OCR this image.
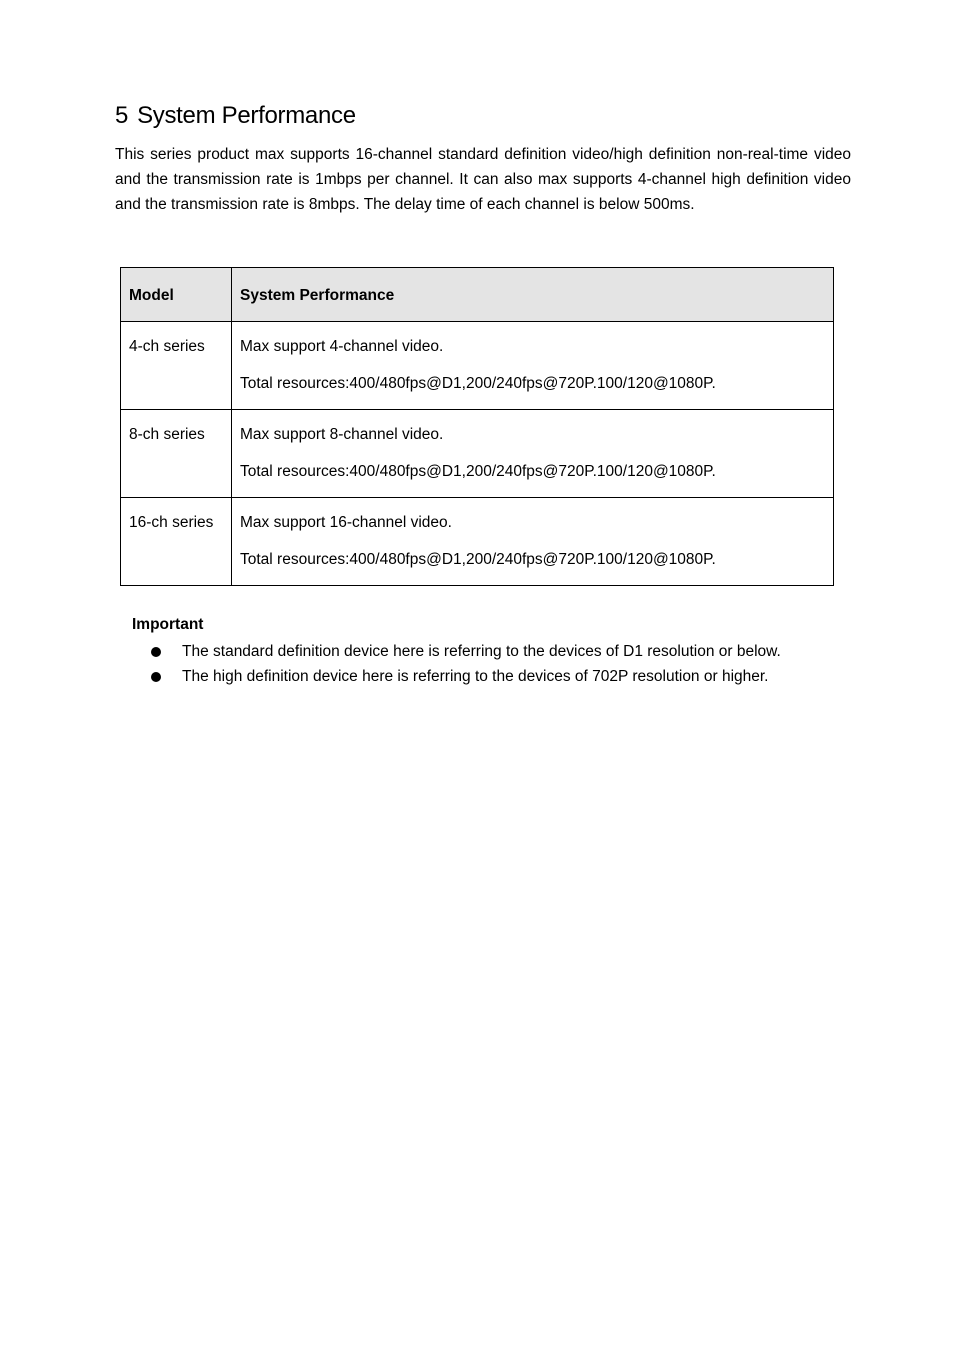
5 System Performance

This series product max supports 16-channel standard definition video/high definition non-real-time video and the transmission rate is 1mbps per channel. It can also max supports 4-channel high definition video and the transmission rate is 8mbps. The delay time of each channel is below 500ms.

Model	System Performance
4-ch series	Max support 4-channel video.
Total resources:400/480fps@D1,200/240fps@720P.100/120@1080P.

8-ch series	Max support 8-channel video.
Total resources:400/480fps@D1,200/240fps@720P.100/120@1080P.

16-ch series	Max support 16-channel video.
Total resources:400/480fps@D1,200/240fps@720P.100/120@1080P.

Important

The standard definition device here is referring to the devices of D1 resolution or below.
The high definition device here is referring to the devices of 702P resolution or higher.
